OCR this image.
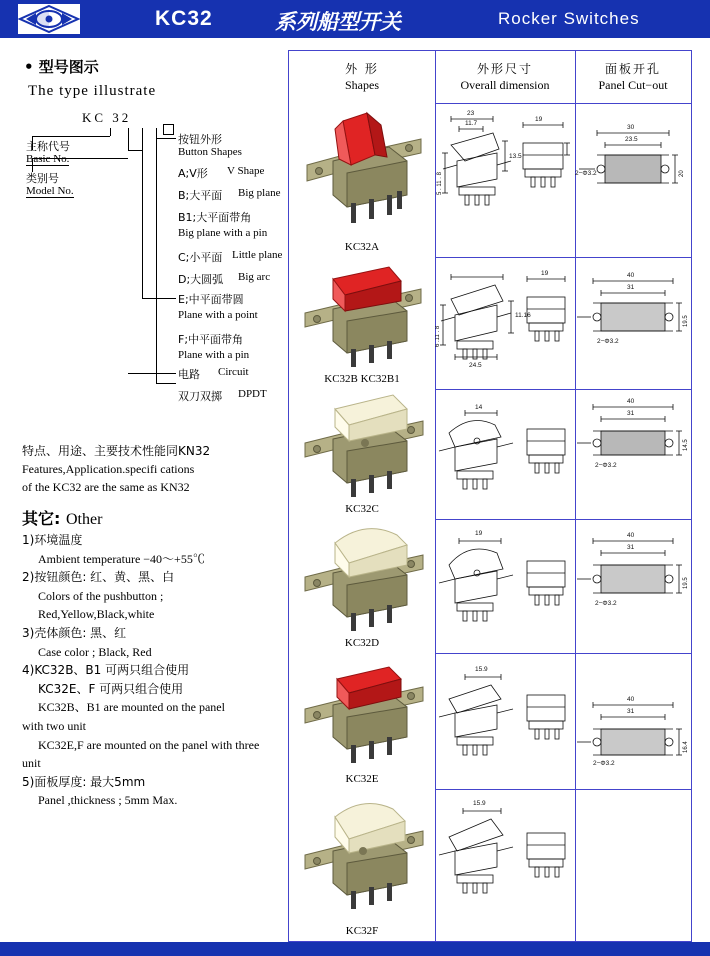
KC32	系列船型开关	Rocker Switches
• 型号图示
The type illustrate
KC 32
主称代号
Basic No.
类别号
Model No.
按钮外形
Button Shapes
A;V形 V Shape
B;大平面 Big plane
B1;大平面带角
Big plane with a pin
C;小平面 Little plane
D;大圆弧 Big arc
E;中平面带圆
Plane with a point
F;中平面带角
Plane with a pin
电路 Circuit
双刀双掷 DPDT
特点、用途、主要技术性能同KN32
Features,Application.specifi cations
of the KC32 are the same as KN32
其它: Other
1)环境温度
Ambient temperature −40～+55℃
2)按钮颜色: 红、黄、黑、白
Colors of the pushbutton ;
Red,Yellow,Black,white
3)壳体颜色: 黑、红
Case color ; Black, Red
4)KC32B、B1 可两只组合使用
KC32E、F 可两只组合使用
KC32B、B1 are mounted on the panel
with two unit
KC32E,F are mounted on the panel with three
unit
5)面板厚度: 最大5mm
Panel ,thickness ; 5mm Max.
外 形
Shapes
外形尺寸
Overall dimension
面板开孔
Panel Cut−out
KC32A
23
11.7
13.5
19
5 . 11 . 8
30
23.5
2−Φ3.2	20
KC32B KC32B1
19
24.5
11.16
6 .11 . 8
40
31
2−Φ3.2
19.5
KC32C
14
40
31
2−Φ3.2
14.5
KC32D
19	40
31
2−Φ3.2
19.5
KC32E
15.9
40
31
2−Φ3.2
16.4
KC32F
15.9
